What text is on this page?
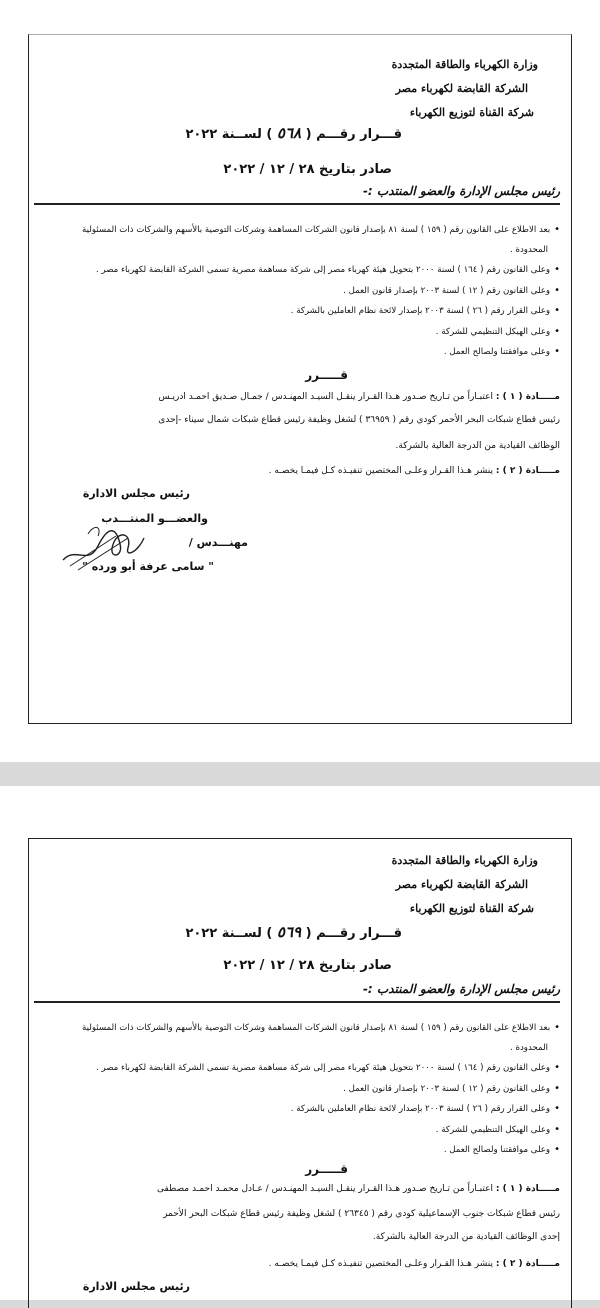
وزارة الكهرباء والطاقة المتجددة
الشركة القابضة لكهرباء مصر
شركة القناة لتوزيع الكهرباء
قـــرار رقـــم ( ٥٦٨ ) لســنة ٢٠٢٢
صادر بتاريخ ٢٨ / ١٢ / ٢٠٢٢
رئيس مجلس الإدارة والعضو المنتدب :-
• بعد الاطلاع على القانون رقم ( ١٥٩ ) لسنة ٨١ بإصدار قانون الشركات المساهمة وشركات التوصية بالأسهم والشركات ذات المسئولية
المحدودة .
• وعلى القانون رقم ( ١٦٤ ) لسنة ٢٠٠٠ بتحويل هيئة كهرباء مصر إلى شركة مساهمة مصرية تسمى الشركة القابضة لكهرباء مصر .
• وعلى القانون رقم ( ١٢ ) لسنة ٢٠٠٣ بإصدار قانون العمل .
• وعلى القرار رقم ( ٢٦ ) لسنة ٢٠٠٣ بإصدار لائحة نظام العاملين بالشركة .
• وعلى الهيكل التنظيمي للشركة .
• وعلى موافقتنا ولصالح العمل .
قـــــرر
مـــــادة ( ١ ) : اعتبـاراً من تـاريخ صـدور هـذا القـرار ينقـل السيـد المهنـدس / جمـال صـديق احمـد ادريـس
رئيس قطاع شبكات البحر الأحمر كودي رقم ( ٣٦٩٥٩ ) لشغل وظيفة رئيس قطاع شبكات شمال سيناء -إحدى
الوظائف القيادية من الدرجة العالية بالشركة.
مـــــادة ( ٢ ) : ينشر هـذا القـرار وعلـى المختصين تنفيـذه كـل فيمـا يخصـه .
رئيس مجلس الادارة
والعضـــو المنتـــدب
مهنـــدس /
" سامى عرفة أبو ورده "
وزارة الكهرباء والطاقة المتجددة
الشركة القابضة لكهرباء مصر
شركة القناة لتوزيع الكهرباء
قـــرار رقـــم ( ٥٦٩ ) لســنة ٢٠٢٢
صادر بتاريخ ٢٨ / ١٢ / ٢٠٢٢
رئيس مجلس الإدارة والعضو المنتدب :-
• بعد الاطلاع على القانون رقم ( ١٥٩ ) لسنة ٨١ بإصدار قانون الشركات المساهمة وشركات التوصية بالأسهم والشركات ذات المسئولية
المحدودة .
• وعلى القانون رقم ( ١٦٤ ) لسنة ٢٠٠٠ بتحويل هيئة كهرباء مصر إلى شركة مساهمة مصرية تسمى الشركة القابضة لكهرباء مصر .
• وعلى القانون رقم ( ١٢ ) لسنة ٢٠٠٣ بإصدار قانون العمل .
• وعلى القرار رقم ( ٢٦ ) لسنة ٢٠٠٣ بإصدار لائحة نظام العاملين بالشركة .
• وعلى الهيكل التنظيمي للشركة .
• وعلى موافقتنا ولصالح العمل .
قـــــرر
مـــــادة ( ١ ) : اعتبـاراً من تـاريخ صـدور هـذا القـرار ينقـل السيـد المهنـدس / عـادل محمـد احمـد مصطفى
رئيس قطاع شبكات جنوب الإسماعيلية كودي رقم ( ٢٦٣٤٥ ) لشغل وظيفة رئيس قطاع شبكات البحر الأحمر
إحدى الوظائف القيادية من الدرجة العالية بالشركة.
مـــــادة ( ٢ ) : ينشر هـذا القـرار وعلـى المختصين تنفيـذه كـل فيمـا يخصـه .
رئيس مجلس الادارة
